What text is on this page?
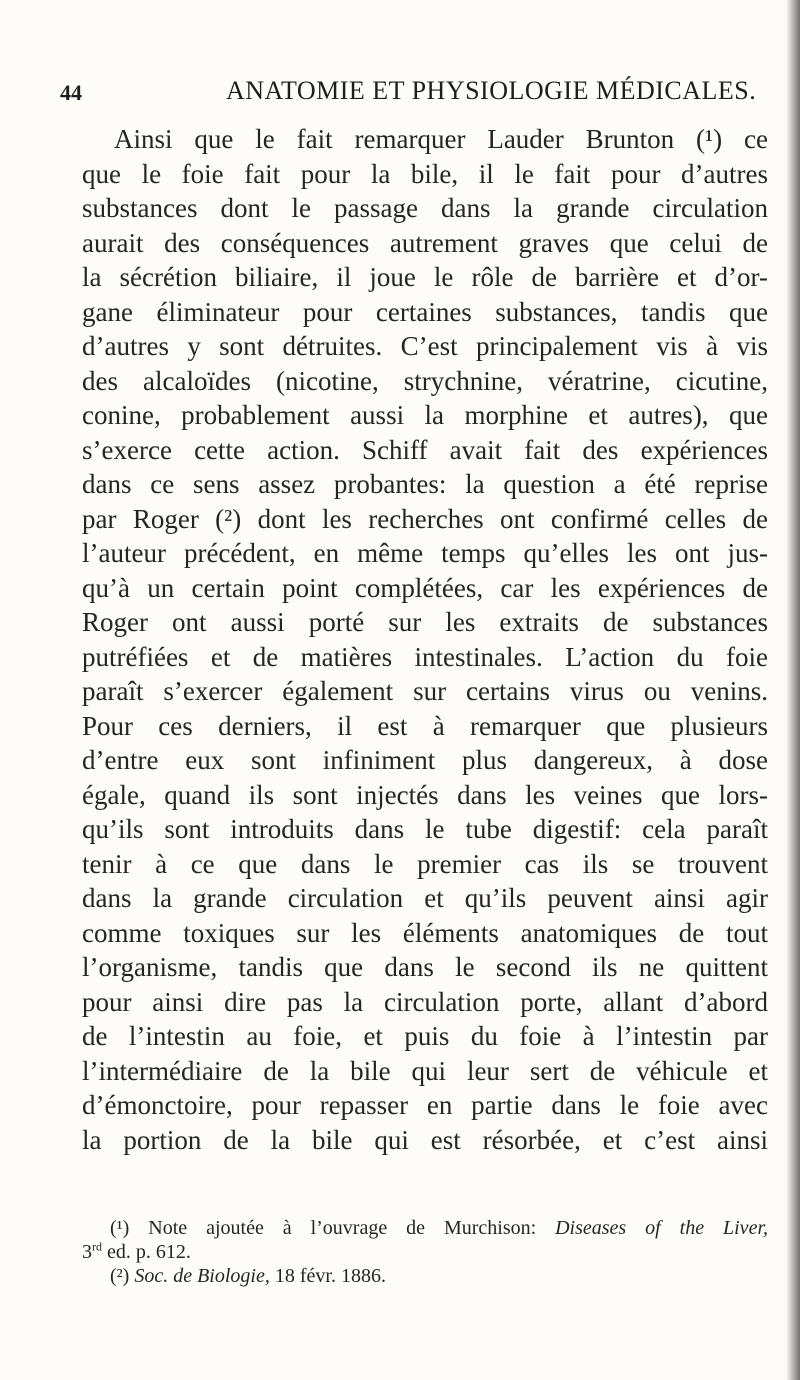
44	ANATOMIE ET PHYSIOLOGIE MÉDICALES.
Ainsi que le fait remarquer Lauder Brunton (¹) ce
que le foie fait pour la bile, il le fait pour d’autres
substances dont le passage dans la grande circulation
aurait des conséquences autrement graves que celui de
la sécrétion biliaire, il joue le rôle de barrière et d’or-
gane éliminateur pour certaines substances, tandis que
d’autres y sont détruites. C’est principalement vis à vis
des alcaloïdes (nicotine, strychnine, vératrine, cicutine,
conine, probablement aussi la morphine et autres), que
s’exerce cette action. Schiff avait fait des expériences
dans ce sens assez probantes: la question a été reprise
par Roger (²) dont les recherches ont confirmé celles de
l’auteur précédent, en même temps qu’elles les ont jus-
qu’à un certain point complétées, car les expériences de
Roger ont aussi porté sur les extraits de substances
putréfiées et de matières intestinales. L’action du foie
paraît s’exercer également sur certains virus ou venins.
Pour ces derniers, il est à remarquer que plusieurs
d’entre eux sont infiniment plus dangereux, à dose
égale, quand ils sont injectés dans les veines que lors-
qu’ils sont introduits dans le tube digestif: cela paraît
tenir à ce que dans le premier cas ils se trouvent
dans la grande circulation et qu’ils peuvent ainsi agir
comme toxiques sur les éléments anatomiques de tout
l’organisme, tandis que dans le second ils ne quittent
pour ainsi dire pas la circulation porte, allant d’abord
de l’intestin au foie, et puis du foie à l’intestin par
l’intermédiaire de la bile qui leur sert de véhicule et
d’émonctoire, pour repasser en partie dans le foie avec
la portion de la bile qui est résorbée, et c’est ainsi
(¹) Note ajoutée à l’ouvrage de Murchison: Diseases of the Liver,
3rd ed. p. 612.
(²) Soc. de Biologie, 18 févr. 1886.
